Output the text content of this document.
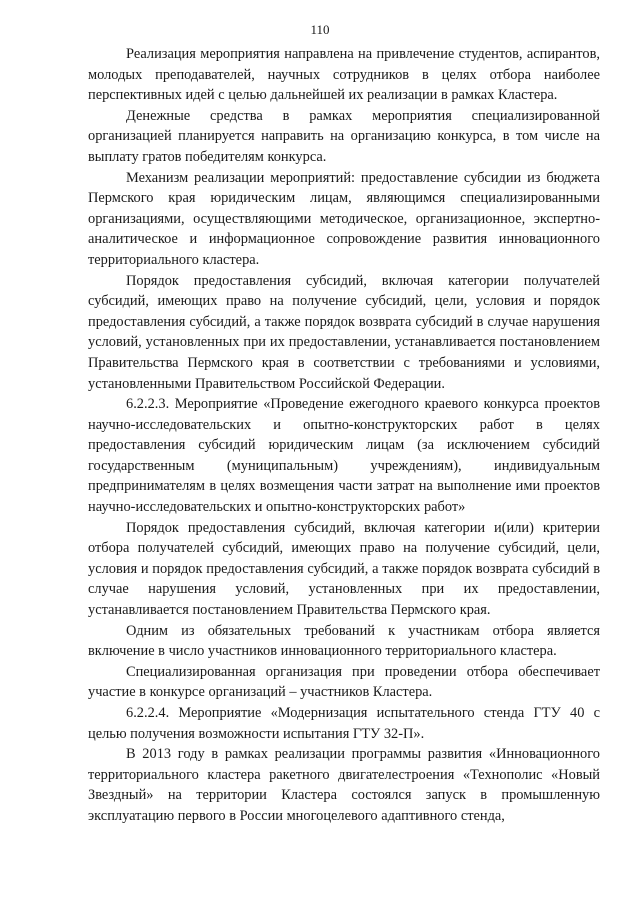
110

Реализация мероприятия направлена на привлечение студентов, аспирантов, молодых преподавателей, научных сотрудников в целях отбора наиболее перспективных идей с целью дальнейшей их реализации в рамках Кластера.

Денежные средства в рамках мероприятия специализированной организацией планируется направить на организацию конкурса, в том числе на выплату гратов победителям конкурса.

Механизм реализации мероприятий: предоставление субсидии из бюджета Пермского края юридическим лицам, являющимся специализированными организациями, осуществляющими методическое, организационное, экспертно-аналитическое и информационное сопровождение развития инновационного территориального кластера.

Порядок предоставления субсидий, включая категории получателей субсидий, имеющих право на получение субсидий, цели, условия и порядок предоставления субсидий, а также порядок возврата субсидий в случае нарушения условий, установленных при их предоставлении, устанавливается постановлением Правительства Пермского края в соответствии с требованиями и условиями, установленными Правительством Российской Федерации.

6.2.2.3. Мероприятие «Проведение ежегодного краевого конкурса проектов научно-исследовательских и опытно-конструкторских работ в целях предоставления субсидий юридическим лицам (за исключением субсидий государственным (муниципальным) учреждениям), индивидуальным предпринимателям в целях возмещения части затрат на выполнение ими проектов научно-исследовательских и опытно-конструкторских работ»

Порядок предоставления субсидий, включая категории и(или) критерии отбора получателей субсидий, имеющих право на получение субсидий, цели, условия и порядок предоставления субсидий, а также порядок возврата субсидий в случае нарушения условий, установленных при их предоставлении, устанавливается постановлением Правительства Пермского края.

Одним из обязательных требований к участникам отбора является включение в число участников инновационного территориального кластера.

Специализированная организация при проведении отбора обеспечивает участие в конкурсе организаций – участников Кластера.

6.2.2.4. Мероприятие «Модернизация испытательного стенда ГТУ 40 с целью получения возможности испытания ГТУ 32-П».

В 2013 году в рамках реализации программы развития «Инновационного территориального кластера ракетного двигателестроения «Технополис «Новый Звездный» на территории Кластера состоялся запуск в промышленную эксплуатацию первого в России многоцелевого адаптивного стенда,
